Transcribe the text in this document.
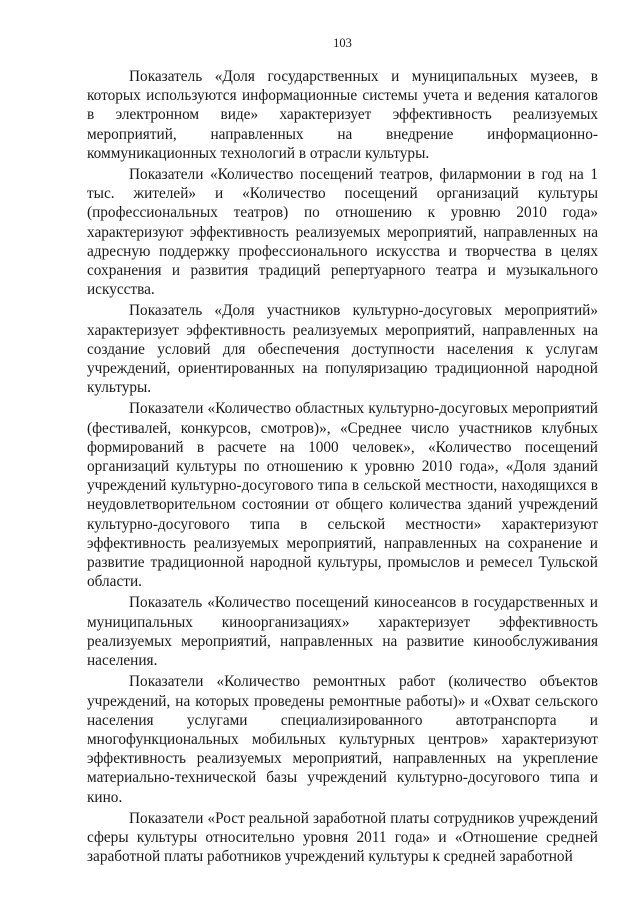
103
Показатель «Доля государственных и муниципальных музеев, в которых используются информационные системы учета и ведения каталогов в электронном виде» характеризует эффективность реализуемых мероприятий, направленных на внедрение информационно-коммуникационных технологий в отрасли культуры.
Показатели «Количество посещений театров, филармонии в год на 1 тыс. жителей» и «Количество посещений организаций культуры (профессиональных театров) по отношению к уровню 2010 года» характеризуют эффективность реализуемых мероприятий, направленных на адресную поддержку профессионального искусства и творчества в целях сохранения и развития традиций репертуарного театра и музыкального искусства.
Показатель «Доля участников культурно-досуговых мероприятий» характеризует эффективность реализуемых мероприятий, направленных на создание условий для обеспечения доступности населения к услугам учреждений, ориентированных на популяризацию традиционной народной культуры.
Показатели «Количество областных культурно-досуговых мероприятий (фестивалей, конкурсов, смотров)», «Среднее число участников клубных формирований в расчете на 1000 человек», «Количество посещений организаций культуры по отношению к уровню 2010 года», «Доля зданий учреждений культурно-досугового типа в сельской местности, находящихся в неудовлетворительном состоянии от общего количества зданий учреждений культурно-досугового типа в сельской местности» характеризуют эффективность реализуемых мероприятий, направленных на сохранение и развитие традиционной народной культуры, промыслов и ремесел Тульской области.
Показатель «Количество посещений киносеансов в государственных и муниципальных киноорганизациях» характеризует эффективность реализуемых мероприятий, направленных на развитие кинообслуживания населения.
Показатели «Количество ремонтных работ (количество объектов учреждений, на которых проведены ремонтные работы)» и «Охват сельского населения услугами специализированного автотранспорта и многофункциональных мобильных культурных центров» характеризуют эффективность реализуемых мероприятий, направленных на укрепление материально-технической базы учреждений культурно-досугового типа и кино.
Показатели «Рост реальной заработной платы сотрудников учреждений сферы культуры относительно уровня 2011 года» и «Отношение средней заработной платы работников учреждений культуры к средней заработной
